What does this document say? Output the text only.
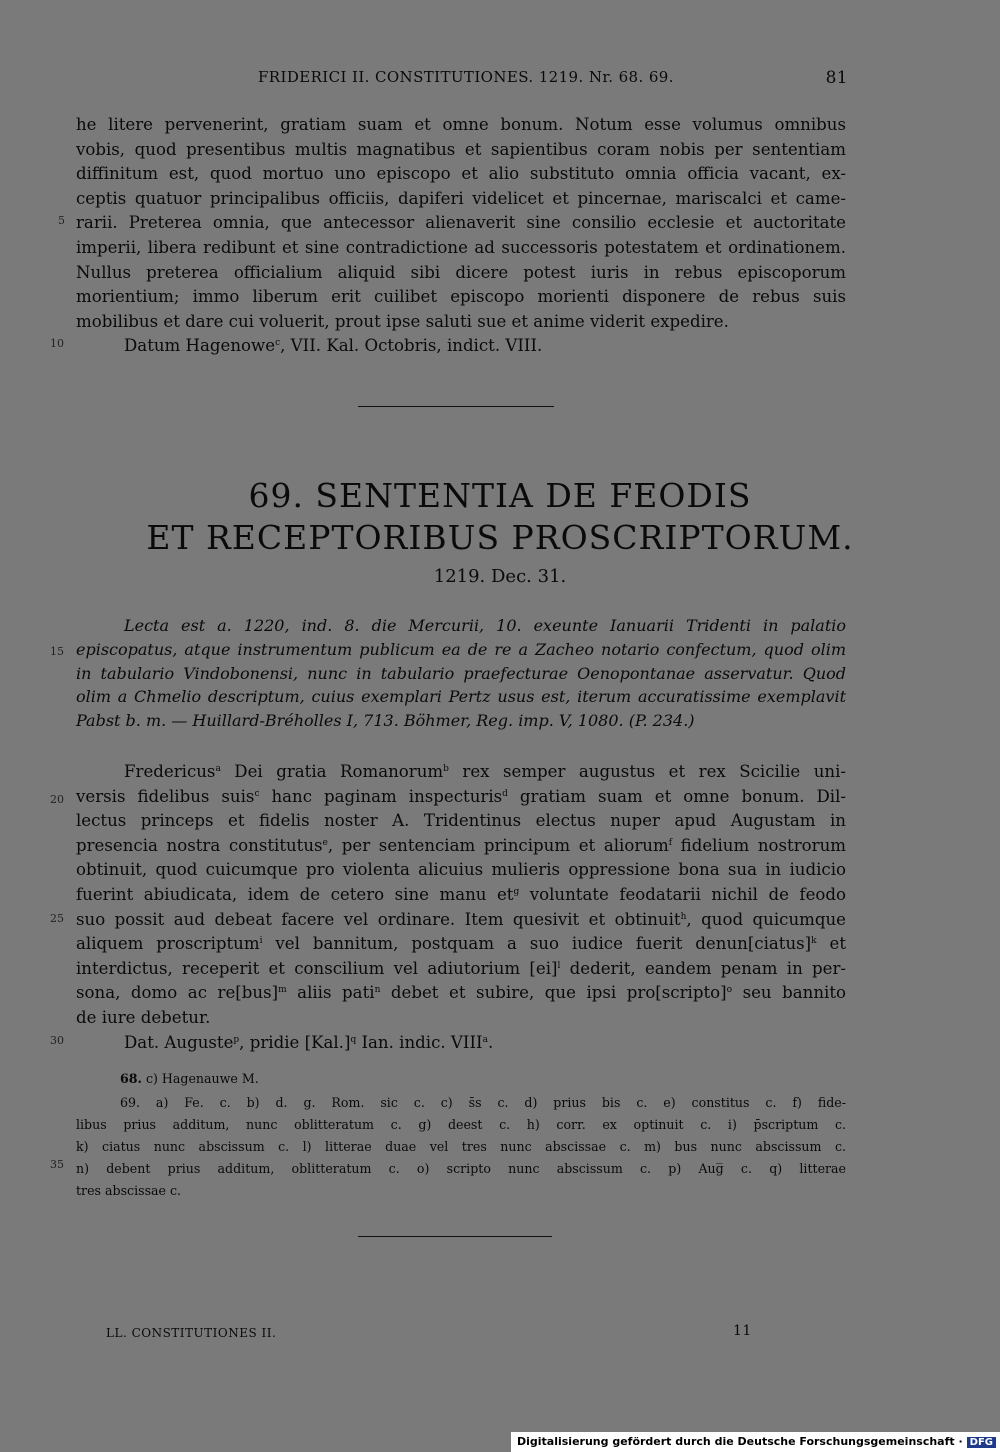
FRIDERICI II. CONSTITUTIONES. 1219. Nr. 68. 69.	81
he litere pervenerint, gratiam suam et omne bonum. Notum esse volumus omnibus
vobis, quod presentibus multis magnatibus et sapientibus coram nobis per sententiam
diffinitum est, quod mortuo uno episcopo et alio substituto omnia officia vacant, ex-
ceptis quatuor principalibus officiis, dapiferi videlicet et pincernae, mariscalci et came-
rarii. Preterea omnia, que antecessor alienaverit sine consilio ecclesie et auctoritate
imperii, libera redibunt et sine contradictione ad successoris potestatem et ordinationem.
Nullus preterea officialium aliquid sibi dicere potest iuris in rebus episcoporum
morientium; immo liberum erit cuilibet episcopo morienti disponere de rebus suis
mobilibus et dare cui voluerit, prout ipse saluti sue et anime viderit expedire.
Datum Hagenowe$^c$, VII. Kal. Octobris, indict. VIII.
5
10
69. SENTENTIA DE FEODIS
ET RECEPTORIBUS PROSCRIPTORUM.
1219. Dec. 31.
Lecta est a. 1220, ind. 8. die Mercurii, 10. exeunte Ianuarii Tridenti in palatio
episcopatus, atque instrumentum publicum ea de re a Zacheo notario confectum, quod olim
in tabulario Vindobonensi, nunc in tabulario praefecturae Oenopontanae asservatur. Quod
olim a Chmelio descriptum, cuius exemplari Pertz usus est, iterum accuratissime exemplavit
Pabst b. m. — Huillard-Bréholles I, 713. Böhmer, Reg. imp. V, 1080. (P. 234.)
15
Fredericus$^a$ Dei gratia Romanorum$^b$ rex semper augustus et rex Scicilie uni-
versis fidelibus suis$^c$ hanc paginam inspecturis$^d$ gratiam suam et omne bonum. Dil-
lectus princeps et fidelis noster A. Tridentinus electus nuper apud Augustam in
presencia nostra constitutus$^e$, per sentenciam principum et aliorum$^f$ fidelium nostrorum
obtinuit, quod cuicumque pro violenta alicuius mulieris oppressione bona sua in iudicio
fuerint abiudicata, idem de cetero sine manu $et^g$ voluntate feodatarii nichil de feodo
suo possit aud debeat facere vel ordinare. Item quesivit et obtinuit$^h$, quod quicumque
aliquem proscriptum$^i$ vel bannitum, postquam a suo iudice fuerit denun[ciatus]$^k$ et
interdictus, receperit et conscilium vel adiutorium [ei]$^l$ dederit, eandem penam in per-
sona, domo ac re[bus]$^m$ aliis pati$^n$ debet et subire, que ipsi pro[scripto]$^o$ seu bannito
de iure debetur.
Dat. Auguste$^p$, pridie $[Kal.]^q$ Ian. indic. VIII$^a$.
20
25
30
68. c) Hagenauwe M.
69. a) Fe. c. b) d. g. Rom. sic c. c) s̄s c. d) prius bis c. e) constitus c. f) fide-
libus prius additum, nunc oblitteratum c. g) deest c. h) corr. ex optinuit c. i) p̄scriptum c.
k) ciatus nunc abscissum c. l) litterae duae vel tres nunc abscissae c. m) bus nunc abscissum c.
n) debent prius additum, oblitteratum c. o) scripto nunc abscissum c. p) Aug̅ c. q) litterae
tres abscissae c.
35
LL. CONSTITUTIONES II.	11
Digitalisierung gefördert durch die Deutsche Forschungsgemeinschaft · DFG
